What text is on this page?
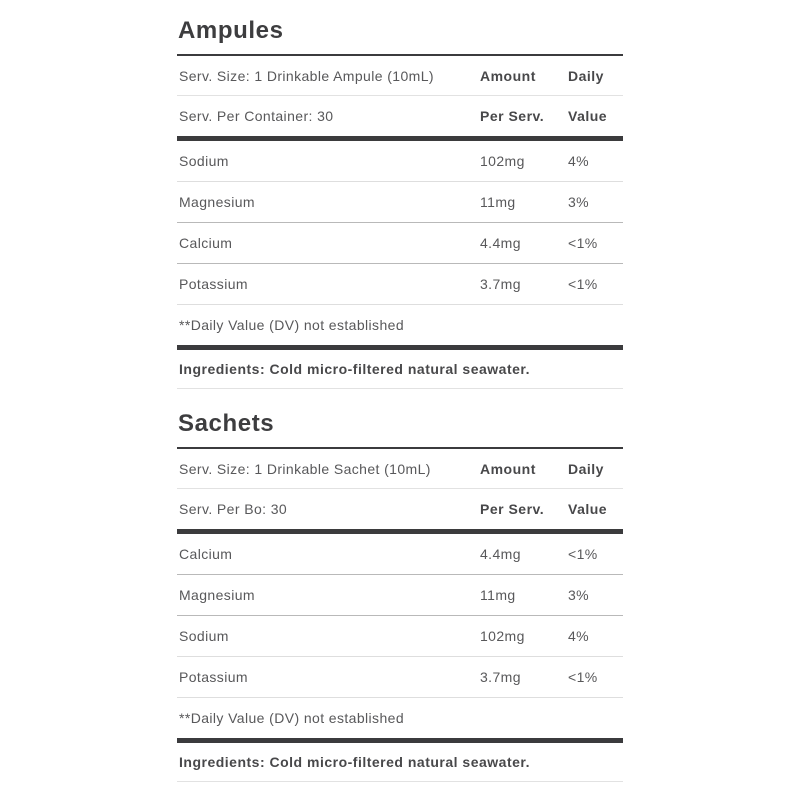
Ampules
Serv. Size: 1 Drinkable Ampule (10mL)	Amount	Daily
Serv. Per Container: 30	Per Serv.	Value
Sodium	102mg	4%
Magnesium	11mg	3%
Calcium	4.4mg	<1%
Potassium	3.7mg	<1%
**Daily Value (DV) not established
Ingredients: Cold micro-filtered natural seawater.
Sachets
Serv. Size: 1 Drinkable Sachet (10mL)	Amount	Daily
Serv. Per Bo: 30	Per Serv.	Value
Calcium	4.4mg	<1%
Magnesium	11mg	3%
Sodium	102mg	4%
Potassium	3.7mg	<1%
**Daily Value (DV) not established
Ingredients: Cold micro-filtered natural seawater.
